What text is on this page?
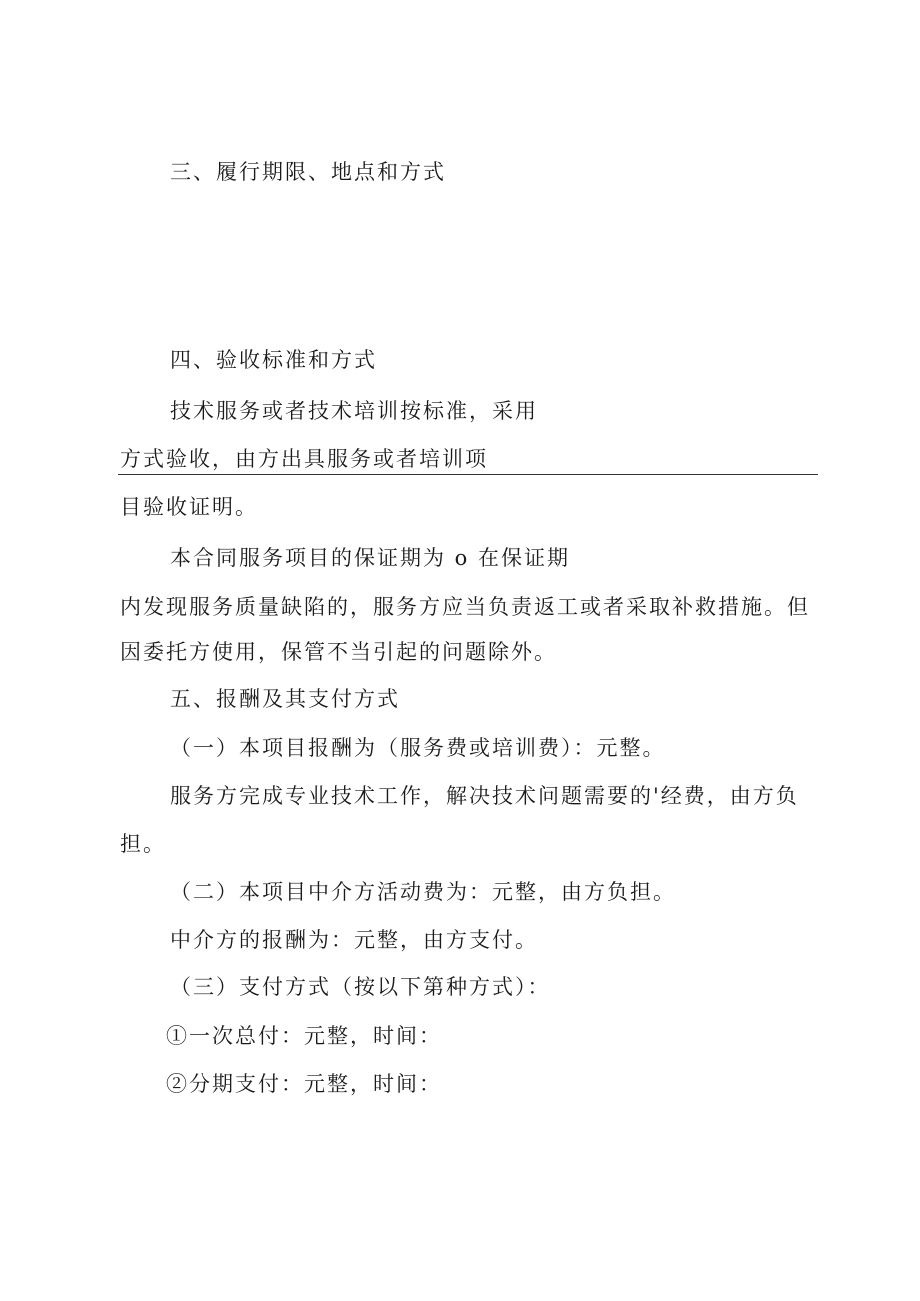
三、履行期限、地点和方式
四、验收标准和方式
技术服务或者技术培训按标准，采用
方式验收，由方出具服务或者培训项
目验收证明。
本合同服务项目的保证期为 o 在保证期
内发现服务质量缺陷的，服务方应当负责返工或者采取补救措施。但
因委托方使用，保管不当引起的问题除外。
五、报酬及其支付方式
（一）本项目报酬为（服务费或培训费）：元整。
服务方完成专业技术工作，解决技术问题需要的'经费，由方负
担。
（二）本项目中介方活动费为：元整，由方负担。
中介方的报酬为：元整，由方支付。
（三）支付方式（按以下第种方式）：
①一次总付：元整，时间：
②分期支付：元整，时间：
